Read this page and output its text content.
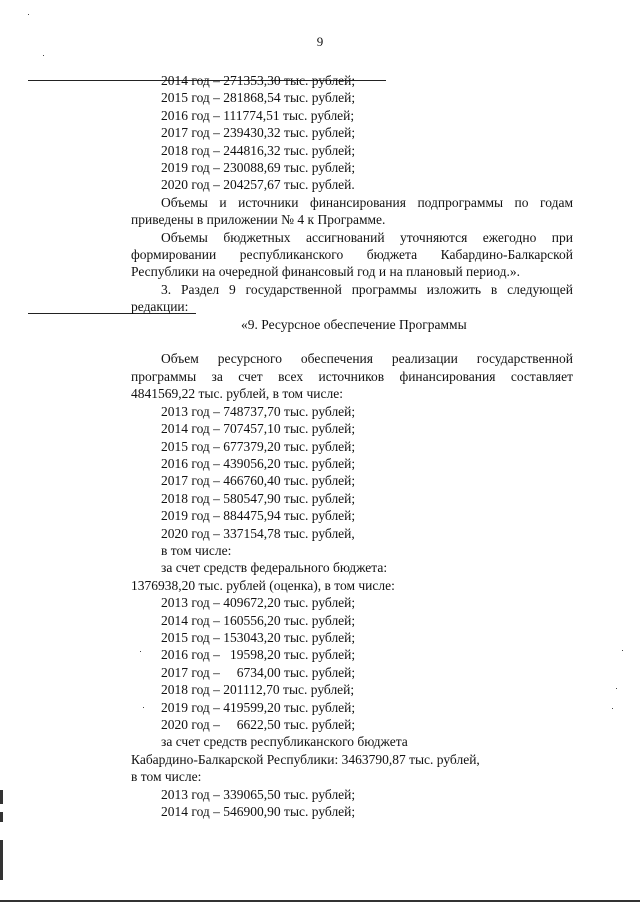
9
2014 год – 271353,30 тыс. рублей;
2015 год – 281868,54 тыс. рублей;
2016 год – 111774,51 тыс. рублей;
2017 год – 239430,32 тыс. рублей;
2018 год – 244816,32 тыс. рублей;
2019 год – 230088,69 тыс. рублей;
2020 год – 204257,67 тыс. рублей.
Объемы и источники финансирования подпрограммы по годам
приведены в приложении № 4 к Программе.
Объемы бюджетных ассигнований уточняются ежегодно при
формировании республиканского бюджета Кабардино-Балкарской
Республики на очередной финансовый год и на плановый период.».
3. Раздел 9 государственной программы изложить в следующей
редакции:
«9. Ресурсное обеспечение Программы
Объем ресурсного обеспечения реализации государственной
программы за счет всех источников финансирования составляет
4841569,22 тыс. рублей, в том числе:
2013 год – 748737,70 тыс. рублей;
2014 год – 707457,10 тыс. рублей;
2015 год – 677379,20 тыс. рублей;
2016 год – 439056,20 тыс. рублей;
2017 год – 466760,40 тыс. рублей;
2018 год – 580547,90 тыс. рублей;
2019 год – 884475,94 тыс. рублей;
2020 год – 337154,78 тыс. рублей,
в том числе:
за счет средств федерального бюджета:
1376938,20 тыс. рублей (оценка), в том числе:
2013 год – 409672,20 тыс. рублей;
2014 год – 160556,20 тыс. рублей;
2015 год – 153043,20 тыс. рублей;
2016 год –   19598,20 тыс. рублей;
2017 год –     6734,00 тыс. рублей;
2018 год – 201112,70 тыс. рублей;
2019 год – 419599,20 тыс. рублей;
2020 год –     6622,50 тыс. рублей;
за счет средств республиканского бюджета
Кабардино-Балкарской Республики: 3463790,87 тыс. рублей,
в том числе:
2013 год – 339065,50 тыс. рублей;
2014 год – 546900,90 тыс. рублей;
